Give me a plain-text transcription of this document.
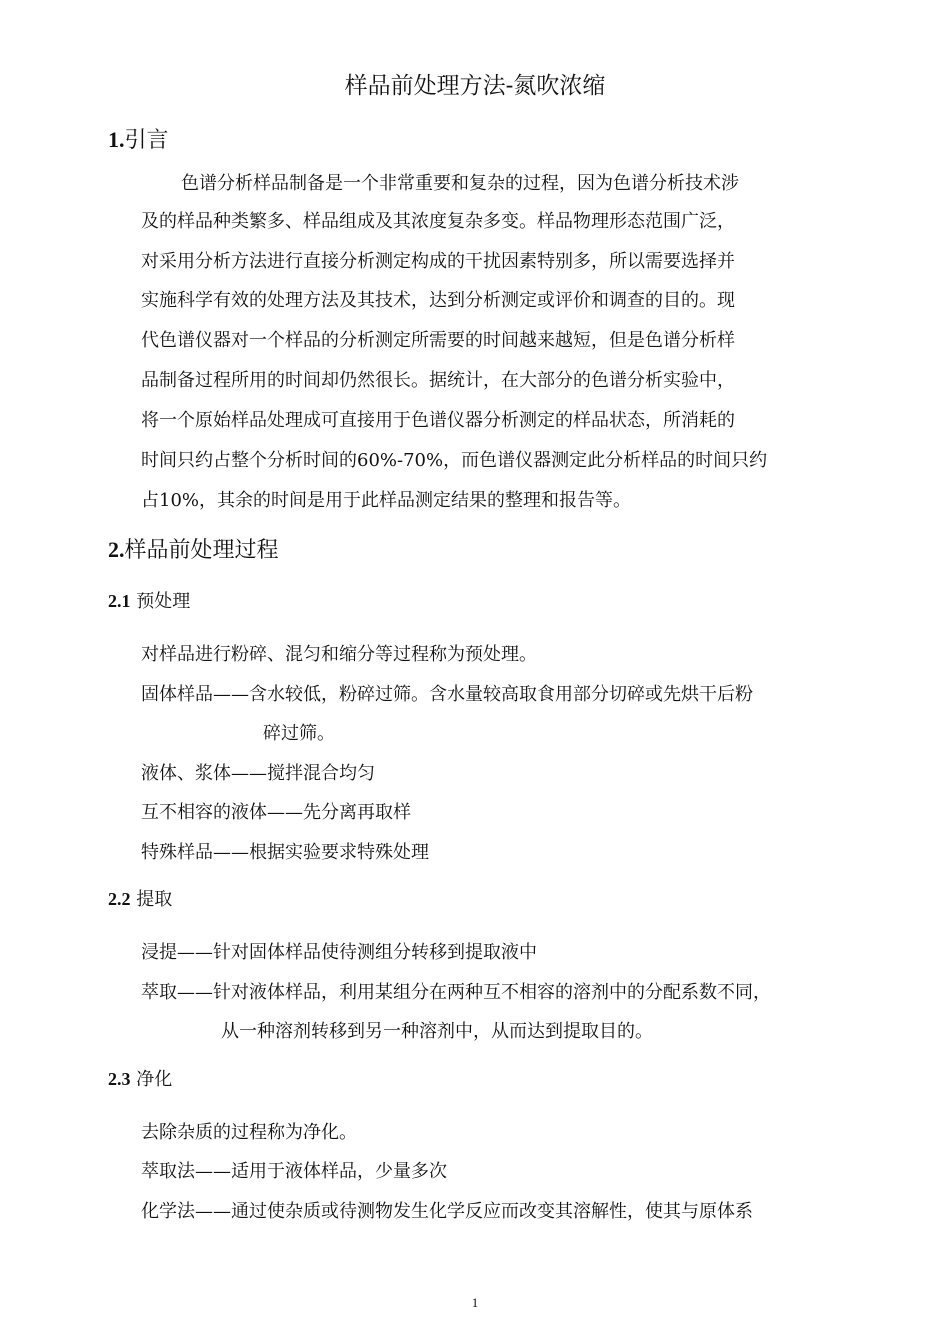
样品前处理方法-氮吹浓缩
1.引言
色谱分析样品制备是一个非常重要和复杂的过程，因为色谱分析技术涉
及的样品种类繁多、样品组成及其浓度复杂多变。样品物理形态范围广泛，
对采用分析方法进行直接分析测定构成的干扰因素特别多，所以需要选择并
实施科学有效的处理方法及其技术，达到分析测定或评价和调查的目的。现
代色谱仪器对一个样品的分析测定所需要的时间越来越短，但是色谱分析样
品制备过程所用的时间却仍然很长。据统计，在大部分的色谱分析实验中，
将一个原始样品处理成可直接用于色谱仪器分析测定的样品状态，所消耗的
时间只约占整个分析时间的60%-70%，而色谱仪器测定此分析样品的时间只约
占10%，其余的时间是用于此样品测定结果的整理和报告等。
2.样品前处理过程
2.1 预处理
对样品进行粉碎、混匀和缩分等过程称为预处理。
固体样品——含水较低，粉碎过筛。含水量较高取食用部分切碎或先烘干后粉
碎过筛。
液体、浆体——搅拌混合均匀
互不相容的液体——先分离再取样
特殊样品——根据实验要求特殊处理
2.2 提取
浸提——针对固体样品使待测组分转移到提取液中
萃取——针对液体样品，利用某组分在两种互不相容的溶剂中的分配系数不同，
从一种溶剂转移到另一种溶剂中，从而达到提取目的。
2.3 净化
去除杂质的过程称为净化。
萃取法——适用于液体样品，少量多次
化学法——通过使杂质或待测物发生化学反应而改变其溶解性，使其与原体系
1
